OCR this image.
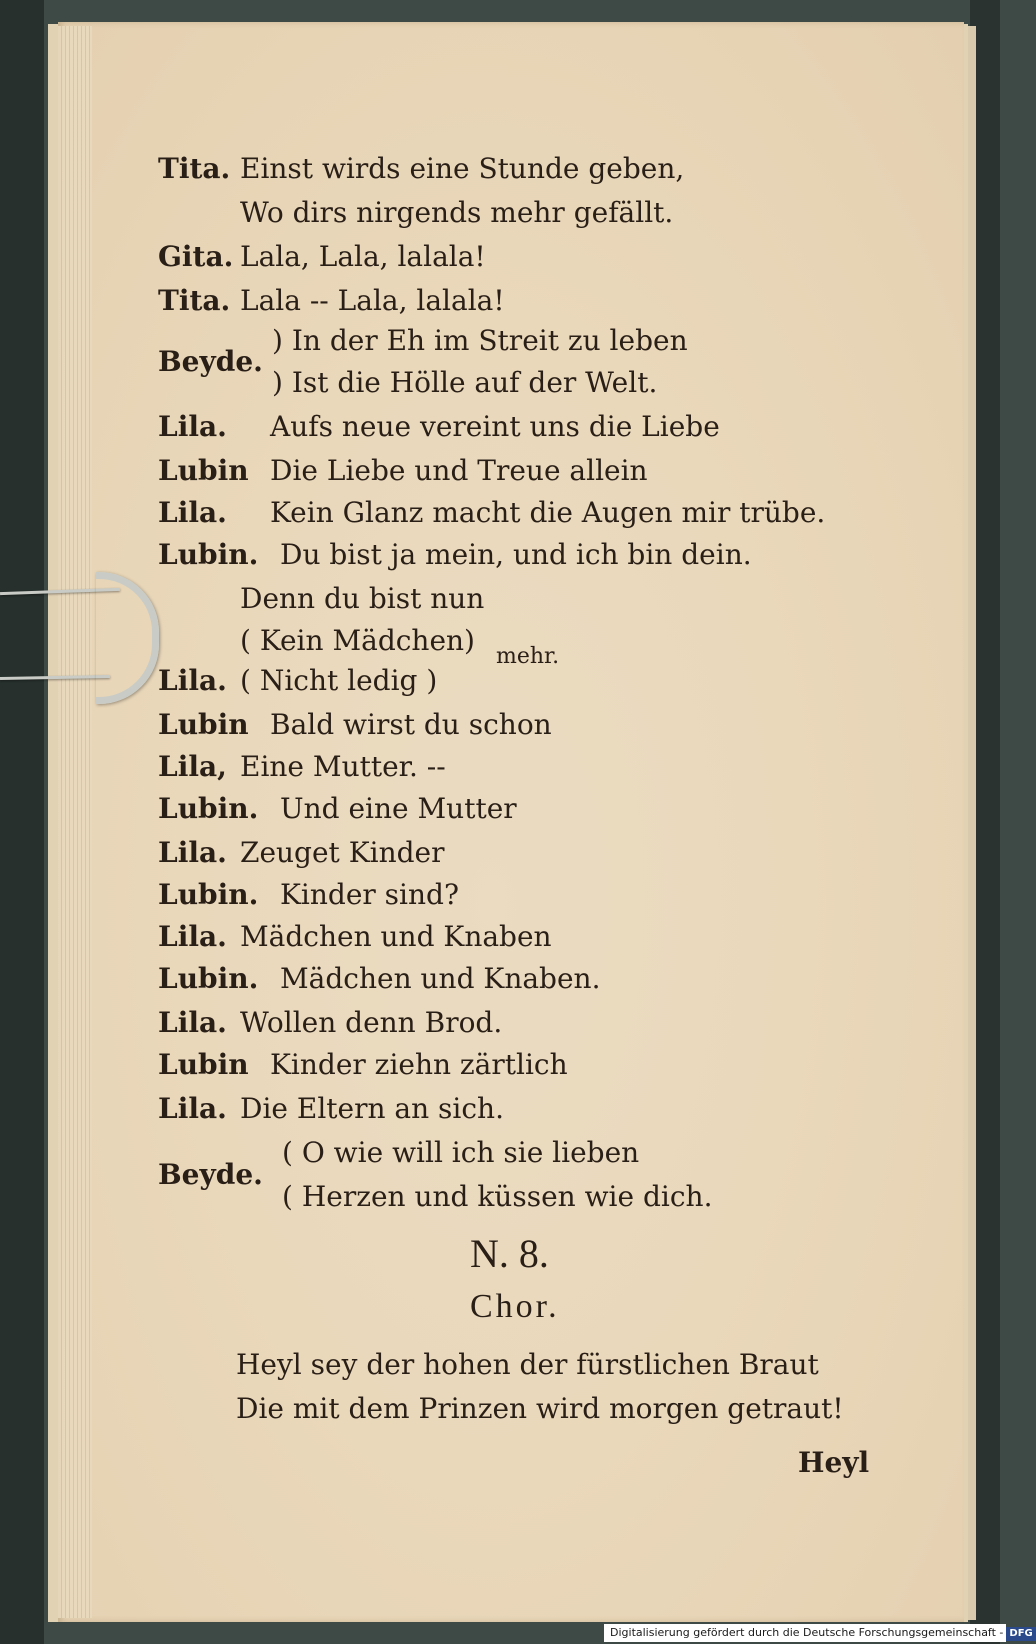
Tita. Einst wirds eine Stunde geben,
Wo dirs nirgends mehr gefällt.
Gita. Lala, Lala, lalala!
Tita. Lala -- Lala, lalala!
Beyde.
) In der Eh im Streit zu leben
) Ist die Hölle auf der Welt.
Lila. Aufs neue vereint uns die Liebe
Lubin Die Liebe und Treue allein
Lila. Kein Glanz macht die Augen mir trübe.
Lubin. Du bist ja mein, und ich bin dein.
Denn du bist nun
( Kein Mädchen)
Lila. ( Nicht ledig )
mehr.
Lubin Bald wirst du schon
Lila, Eine Mutter. --
Lubin. Und eine Mutter
Lila. Zeuget Kinder
Lubin. Kinder sind?
Lila. Mädchen und Knaben
Lubin. Mädchen und Knaben.
Lila. Wollen denn Brod.
Lubin Kinder ziehn zärtlich
Lila. Die Eltern an sich.
Beyde.
( O wie will ich sie lieben
( Herzen und küssen wie dich.
N. 8.
Chor.
Heyl sey der hohen der fürstlichen Braut
Die mit dem Prinzen wird morgen getraut!
Heyl
Digitalisierung gefördert durch die Deutsche Forschungsgemeinschaft - DFG
